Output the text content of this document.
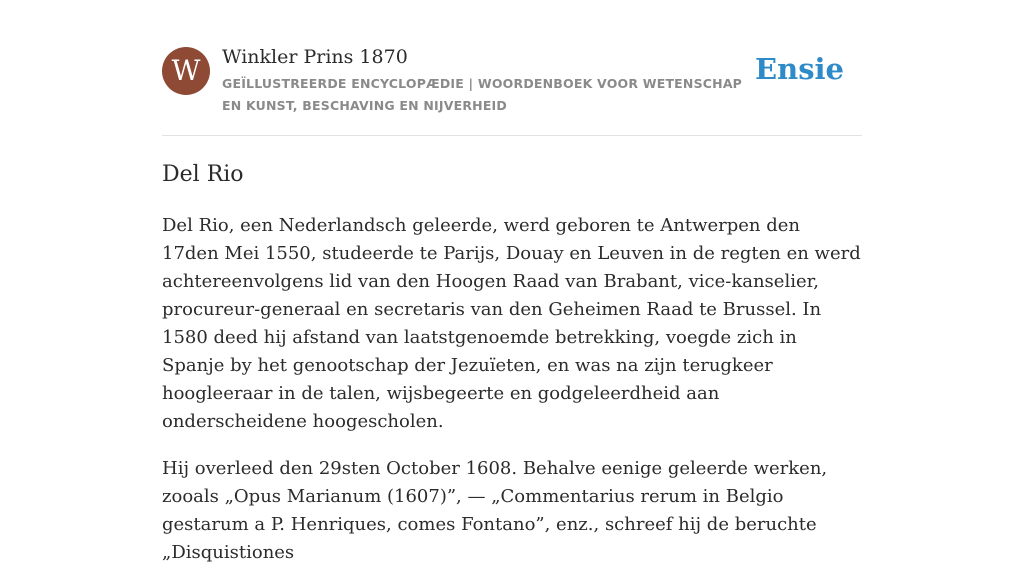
W	Winkler Prins 1870

GEÏLLUSTREERDE ENCYCLOPÆDIE | WOORDENBOEK VOOR WETENSCHAP EN KUNST, BESCHAVING EN NIJVERHEID

Ensie
Del Rio

Del Rio, een Nederlandsch geleerde, werd geboren te Antwerpen den 17den Mei 1550, studeerde te Parijs, Douay en Leuven in de regten en werd achtereenvolgens lid van den Hoogen Raad van Brabant, vice-kanselier, procureur-generaal en secretaris van den Geheimen Raad te Brussel. In 1580 deed hij afstand van laatstgenoemde betrekking, voegde zich in Spanje by het genootschap der Jezuïeten, en was na zijn terugkeer hoogleeraar in de talen, wijsbegeerte en godgeleerdheid aan onderscheidene hoogescholen.

Hij overleed den 29sten October 1608. Behalve eenige geleerde werken, zooals „Opus Marianum (1607)”, — „Commentarius rerum in Belgio gestarum a P. Henriques, comes Fontano”, enz., schreef hij de beruchte „Disquistiones
